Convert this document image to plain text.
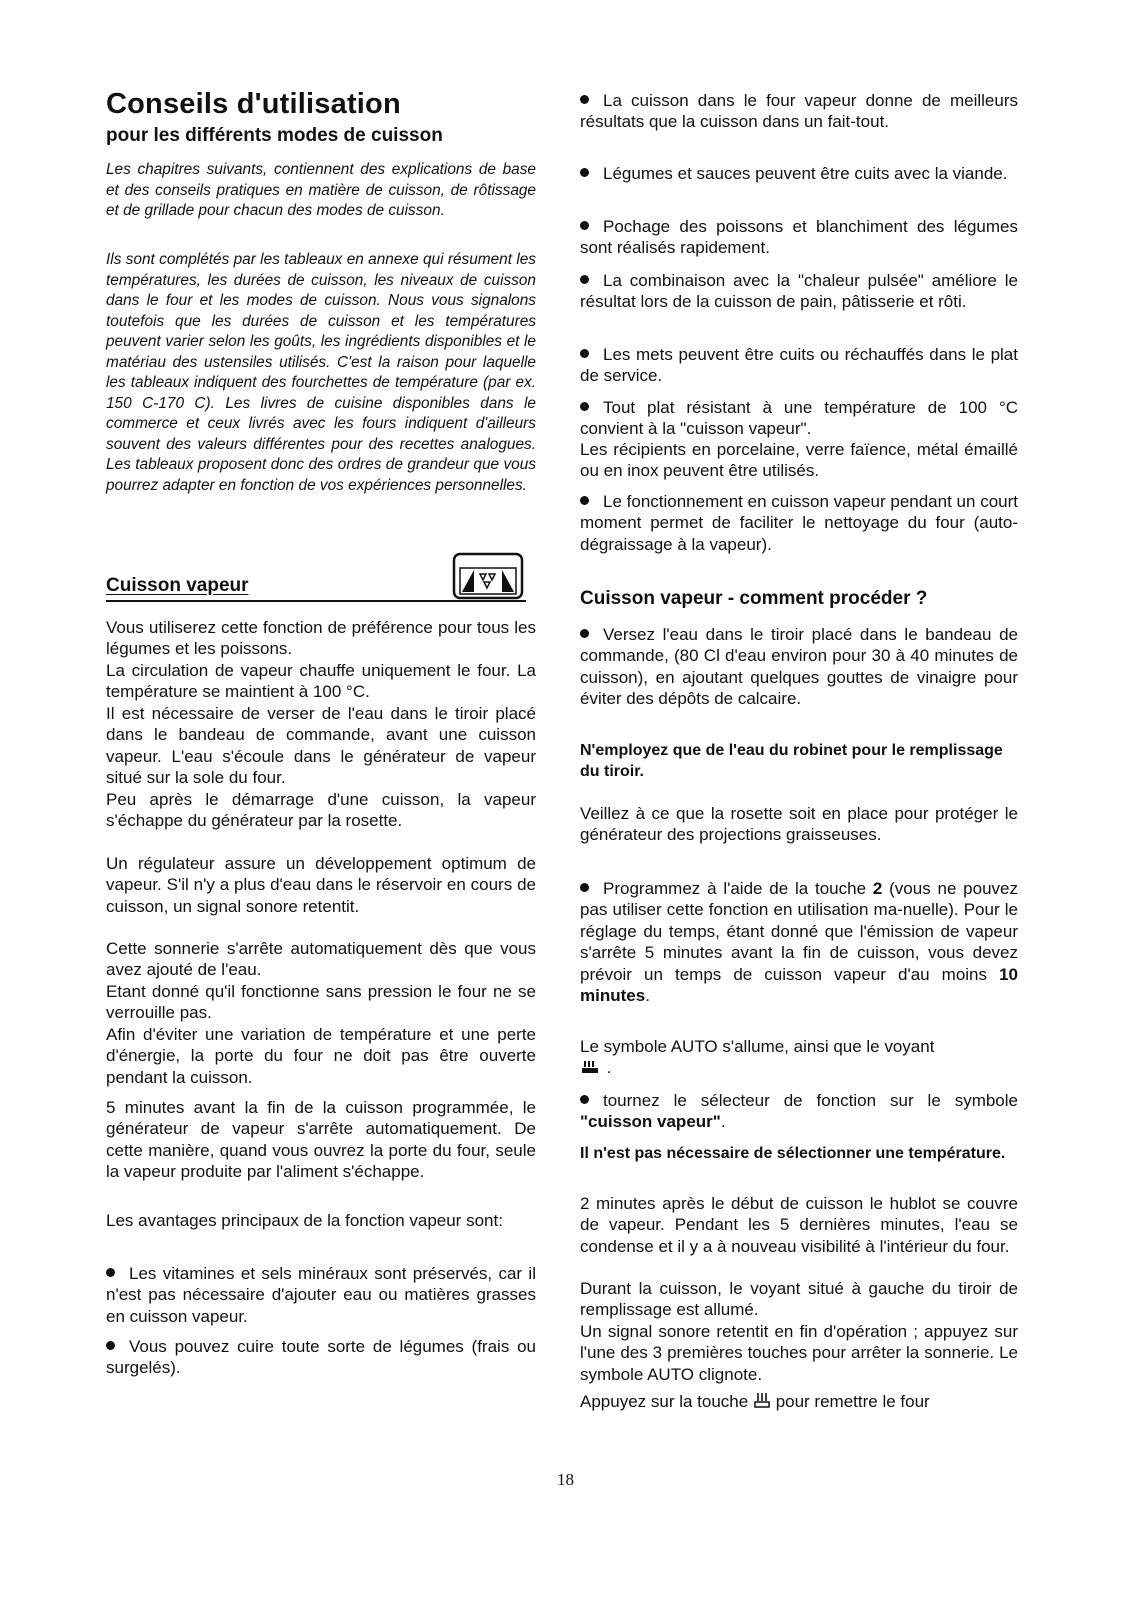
Conseils d'utilisation
pour les différents modes de cuisson

Les chapitres suivants, contiennent des explications de base et des conseils pratiques en matière de cuisson, de rôtissage et de grillade pour chacun des modes de cuisson.

Ils sont complétés par les tableaux en annexe qui résument les températures, les durées de cuisson, les niveaux de cuisson dans le four et les modes de cuisson. Nous vous signalons toutefois que les durées de cuisson et les températures peuvent varier selon les goûts, les ingrédients disponibles et le matériau des ustensiles utilisés. C'est la raison pour laquelle les tableaux indiquent des fourchettes de température (par ex. 150 C-170 C). Les livres de cuisine disponibles dans le commerce et ceux livrés avec les fours indiquent d'ailleurs souvent des valeurs différentes pour des recettes analogues. Les tableaux proposent donc des ordres de grandeur que vous pourrez adapter en fonction de vos expériences personnelles.

Cuisson vapeur

Vous utiliserez cette fonction de préférence pour tous les légumes et les poissons.

La circulation de vapeur chauffe uniquement le four. La température se maintient à 100 °C.

Il est nécessaire de verser de l'eau dans le tiroir placé dans le bandeau de commande, avant une cuisson vapeur. L'eau s'écoule dans le générateur de vapeur situé sur la sole du four.

Peu après le démarrage d'une cuisson, la vapeur s'échappe du générateur par la rosette.

Un régulateur assure un développement optimum de vapeur. S'il n'y a plus d'eau dans le réservoir en cours de cuisson, un signal sonore retentit.

Cette sonnerie s'arrête automatiquement dès que vous avez ajouté de l'eau.

Etant donné qu'il fonctionne sans pression le four ne se verrouille pas.

Afin d'éviter une variation de température et une perte d'énergie, la porte du four ne doit pas être ouverte pendant la cuisson.

5 minutes avant la fin de la cuisson programmée, le générateur de vapeur s'arrête automatiquement. De cette manière, quand vous ouvrez la porte du four, seule la vapeur produite par l'aliment s'échappe.

Les avantages principaux de la fonction vapeur sont:

Les vitamines et sels minéraux sont préservés, car il n'est pas nécessaire d'ajouter eau ou matières grasses en cuisson vapeur.

Vous pouvez cuire toute sorte de légumes (frais ou surgelés).

La cuisson dans le four vapeur donne de meilleurs résultats que la cuisson dans un fait-tout.

Légumes et sauces peuvent être cuits avec la viande.

Pochage des poissons et blanchiment des légumes sont réalisés rapidement.

La combinaison avec la "chaleur pulsée" améliore le résultat lors de la cuisson de pain, pâtisserie et rôti.

Les mets peuvent être cuits ou réchauffés dans le plat de service.

Tout plat résistant à une température de 100 °C convient à la "cuisson vapeur".

Les récipients en porcelaine, verre faïence, métal émaillé ou en inox peuvent être utilisés.

Le fonctionnement en cuisson vapeur pendant un court moment permet de faciliter le nettoyage du four (auto-dégraissage à la vapeur).

Cuisson vapeur - comment procéder ?

Versez l'eau dans le tiroir placé dans le bandeau de commande, (80 Cl d'eau environ pour 30 à 40 minutes de cuisson), en ajoutant quelques gouttes de vinaigre pour éviter des dépôts de calcaire.

N'employez que de l'eau du robinet pour le remplissage du tiroir.

Veillez à ce que la rosette soit en place pour protéger le générateur des projections graisseuses.

Programmez à l'aide de la touche 2 (vous ne pouvez pas utiliser cette fonction en utilisation ma-nuelle). Pour le réglage du temps, étant donné que l'émission de vapeur s'arrête 5 minutes avant la fin de cuisson, vous devez prévoir un temps de cuisson vapeur d'au moins 10 minutes.

Le symbole AUTO s'allume, ainsi que le voyant
.

tournez le sélecteur de fonction sur le symbole "cuisson vapeur".

Il n'est pas nécessaire de sélectionner une température.

2 minutes après le début de cuisson le hublot se couvre de vapeur. Pendant les 5 dernières minutes, l'eau se condense et il y a à nouveau visibilité à l'intérieur du four.

Durant la cuisson, le voyant situé à gauche du tiroir de remplissage est allumé.

Un signal sonore retentit en fin d'opération ; appuyez sur l'une des 3 premières touches pour arrêter la sonnerie. Le symbole AUTO clignote.

Appuyez sur la touche pour remettre le four

18
